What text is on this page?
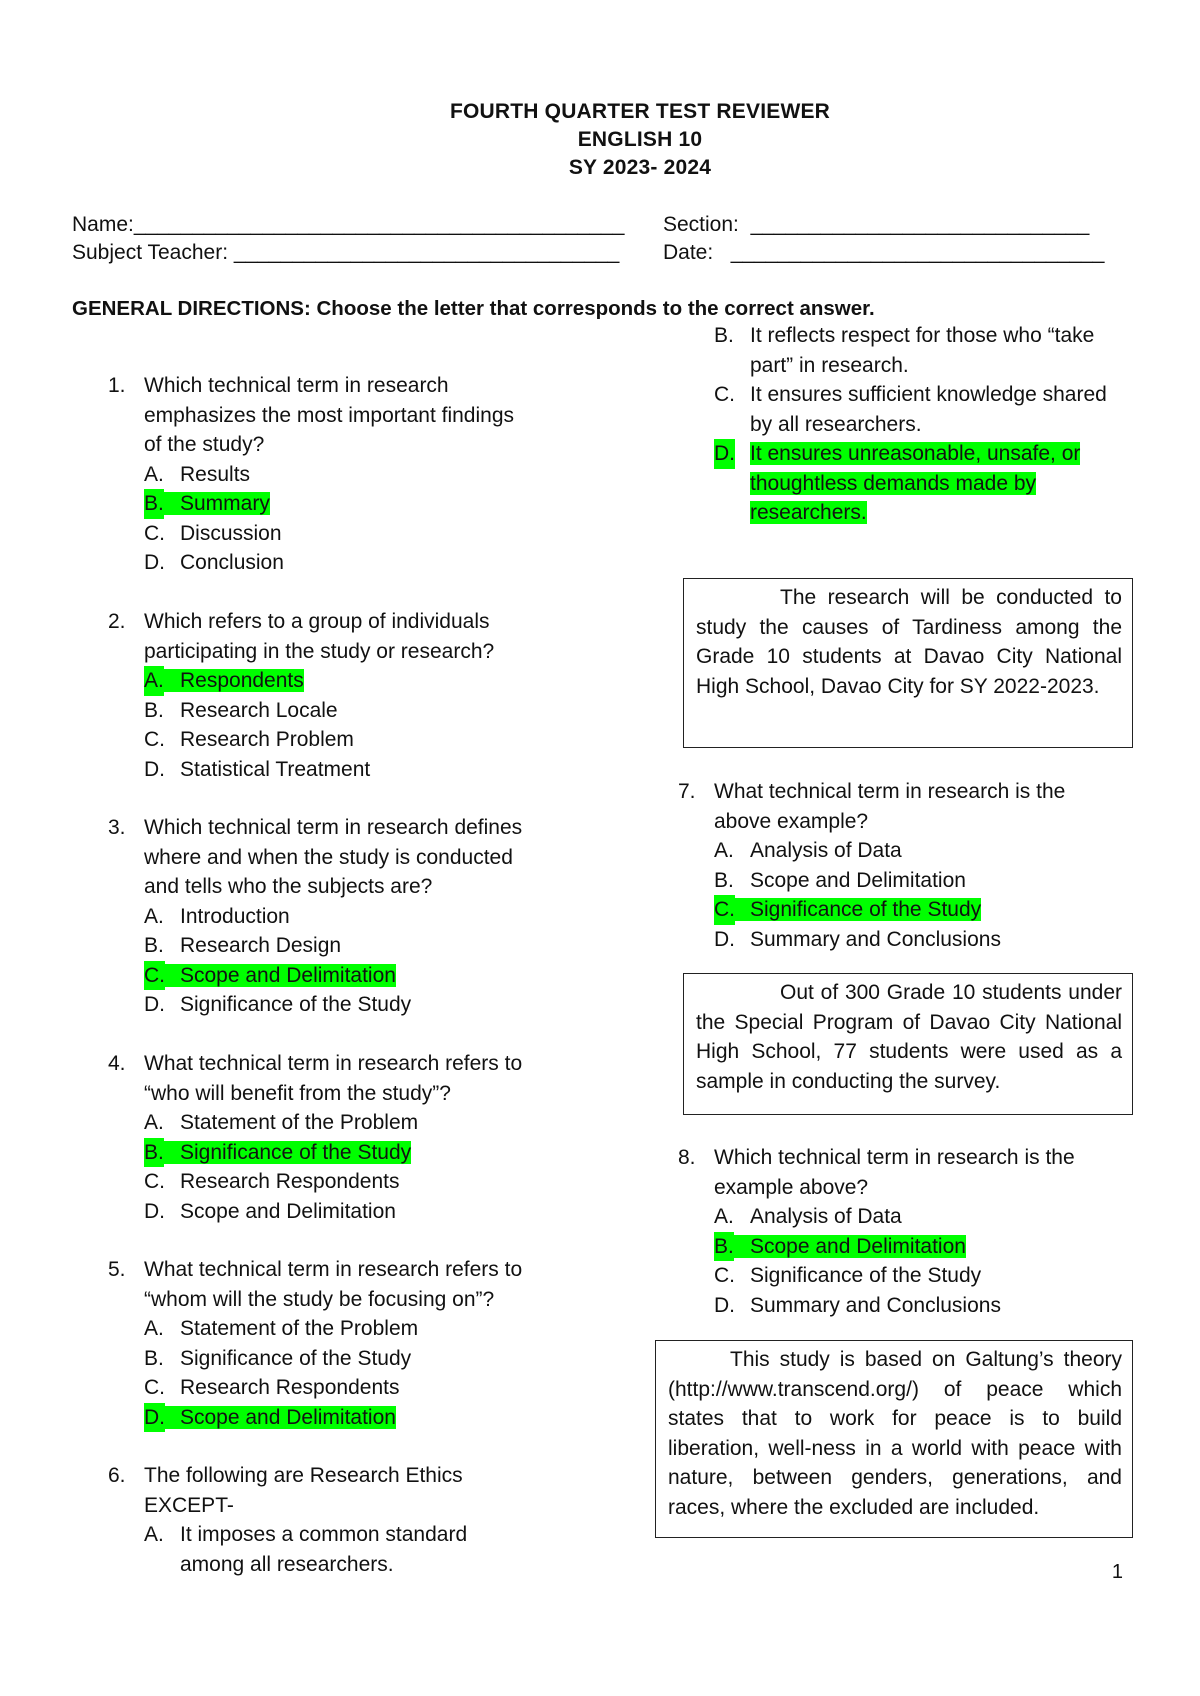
FOURTH QUARTER TEST REVIEWER
ENGLISH 10
SY 2023- 2024
Name:__________________________________________ Section: _____________________________
Subject Teacher: _________________________________ Date: ________________________________
GENERAL DIRECTIONS: Choose the letter that corresponds to the correct answer.
1. Which technical term in research emphasizes the most important findings of the study?
A. Results
B. Summary
C. Discussion
D. Conclusion
2. Which refers to a group of individuals participating in the study or research?
A. Respondents
B. Research Locale
C. Research Problem
D. Statistical Treatment
3. Which technical term in research defines where and when the study is conducted and tells who the subjects are?
A. Introduction
B. Research Design
C. Scope and Delimitation
D. Significance of the Study
4. What technical term in research refers to “who will benefit from the study”?
A. Statement of the Problem
B. Significance of the Study
C. Research Respondents
D. Scope and Delimitation
5. What technical term in research refers to “whom will the study be focusing on”?
A. Statement of the Problem
B. Significance of the Study
C. Research Respondents
D. Scope and Delimitation
6. The following are Research Ethics EXCEPT-
A. It imposes a common standard among all researchers.
B. It reflects respect for those who “take part” in research.
C. It ensures sufficient knowledge shared by all researchers.
D. It ensures unreasonable, unsafe, or thoughtless demands made by researchers.

The research will be conducted to study the causes of Tardiness among the Grade 10 students at Davao City National High School, Davao City for SY 2022-2023.

7. What technical term in research is the above example?
A. Analysis of Data
B. Scope and Delimitation
C. Significance of the Study
D. Summary and Conclusions

Out of 300 Grade 10 students under the Special Program of Davao City National High School, 77 students were used as a sample in conducting the survey.

8. Which technical term in research is the example above?
A. Analysis of Data
B. Scope and Delimitation
C. Significance of the Study
D. Summary and Conclusions

This study is based on Galtung’s theory (http://www.transcend.org/) of peace which states that to work for peace is to build liberation, well-ness in a world with peace with nature, between genders, generations, and races, where the excluded are included.

1
